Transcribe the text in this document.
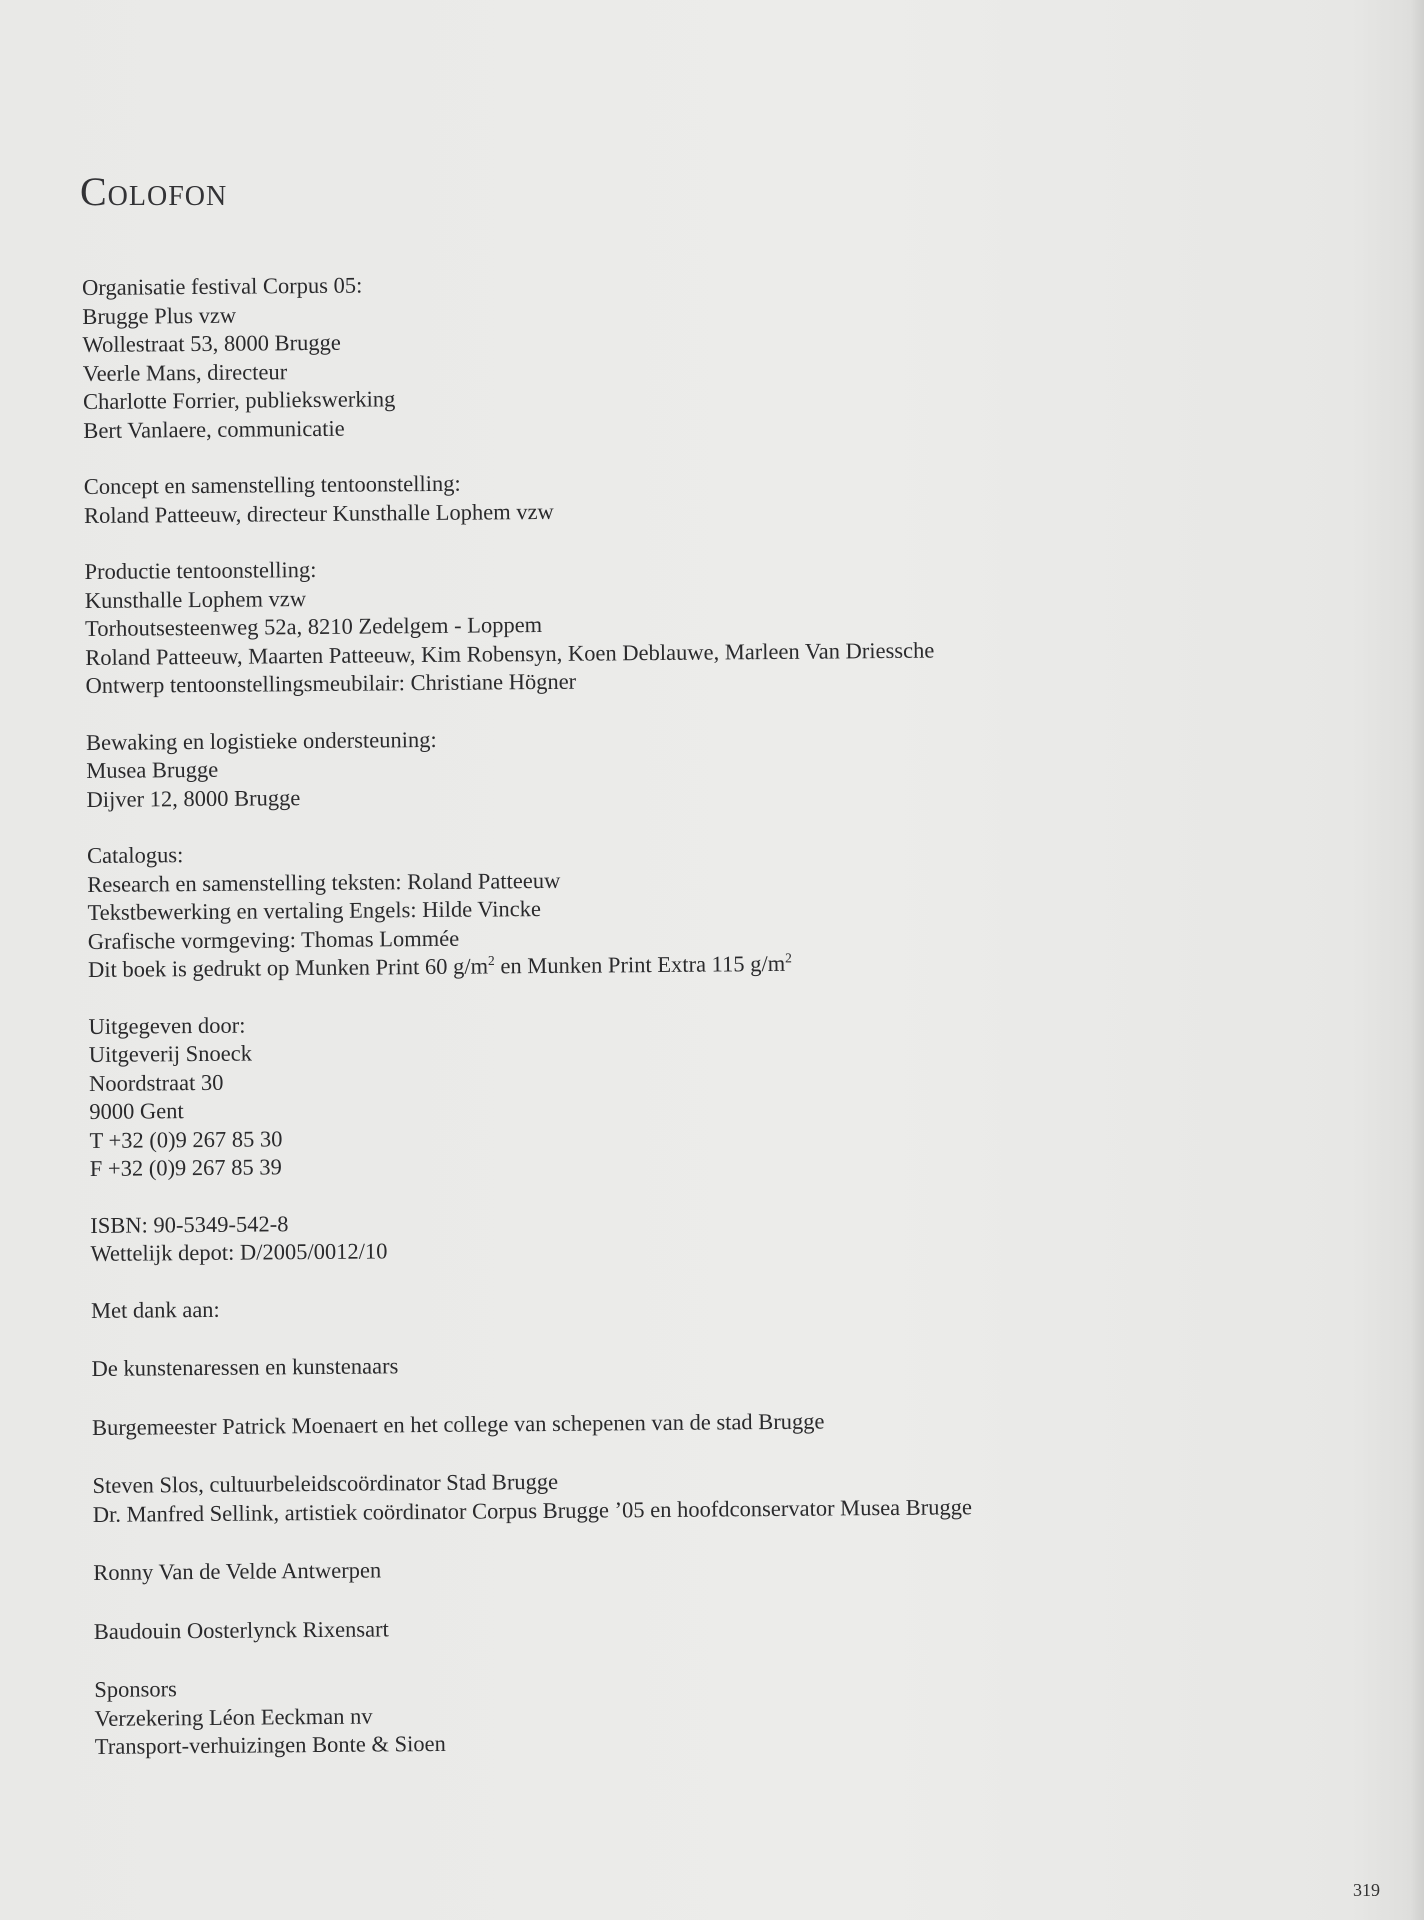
Colofon
Organisatie festival Corpus 05:
Brugge Plus vzw
Wollestraat 53, 8000 Brugge
Veerle Mans, directeur
Charlotte Forrier, publiekswerking
Bert Vanlaere, communicatie
Concept en samenstelling tentoonstelling:
Roland Patteeuw, directeur Kunsthalle Lophem vzw
Productie tentoonstelling:
Kunsthalle Lophem vzw
Torhoutsesteenweg 52a, 8210 Zedelgem - Loppem
Roland Patteeuw, Maarten Patteeuw, Kim Robensyn, Koen Deblauwe, Marleen Van Driessche
Ontwerp tentoonstellingsmeubilair: Christiane Högner
Bewaking en logistieke ondersteuning:
Musea Brugge
Dijver 12, 8000 Brugge
Catalogus:
Research en samenstelling teksten: Roland Patteeuw
Tekstbewerking en vertaling Engels: Hilde Vincke
Grafische vormgeving: Thomas Lommée
Dit boek is gedrukt op Munken Print 60 $g/m^2$ en Munken Print Extra 115 $g/m^2$
Uitgegeven door:
Uitgeverij Snoeck
Noordstraat 30
9000 Gent
T +32 (0)9 267 85 30
F +32 (0)9 267 85 39
ISBN: 90-5349-542-8
Wettelijk depot: D/2005/0012/10
Met dank aan:
De kunstenaressen en kunstenaars
Burgemeester Patrick Moenaert en het college van schepenen van de stad Brugge
Steven Slos, cultuurbeleidscoördinator Stad Brugge
Dr. Manfred Sellink, artistiek coördinator Corpus Brugge ’05 en hoofdconservator Musea Brugge
Ronny Van de Velde Antwerpen
Baudouin Oosterlynck Rixensart
Sponsors
Verzekering Léon Eeckman nv
Transport-verhuizingen Bonte & Sioen
319
